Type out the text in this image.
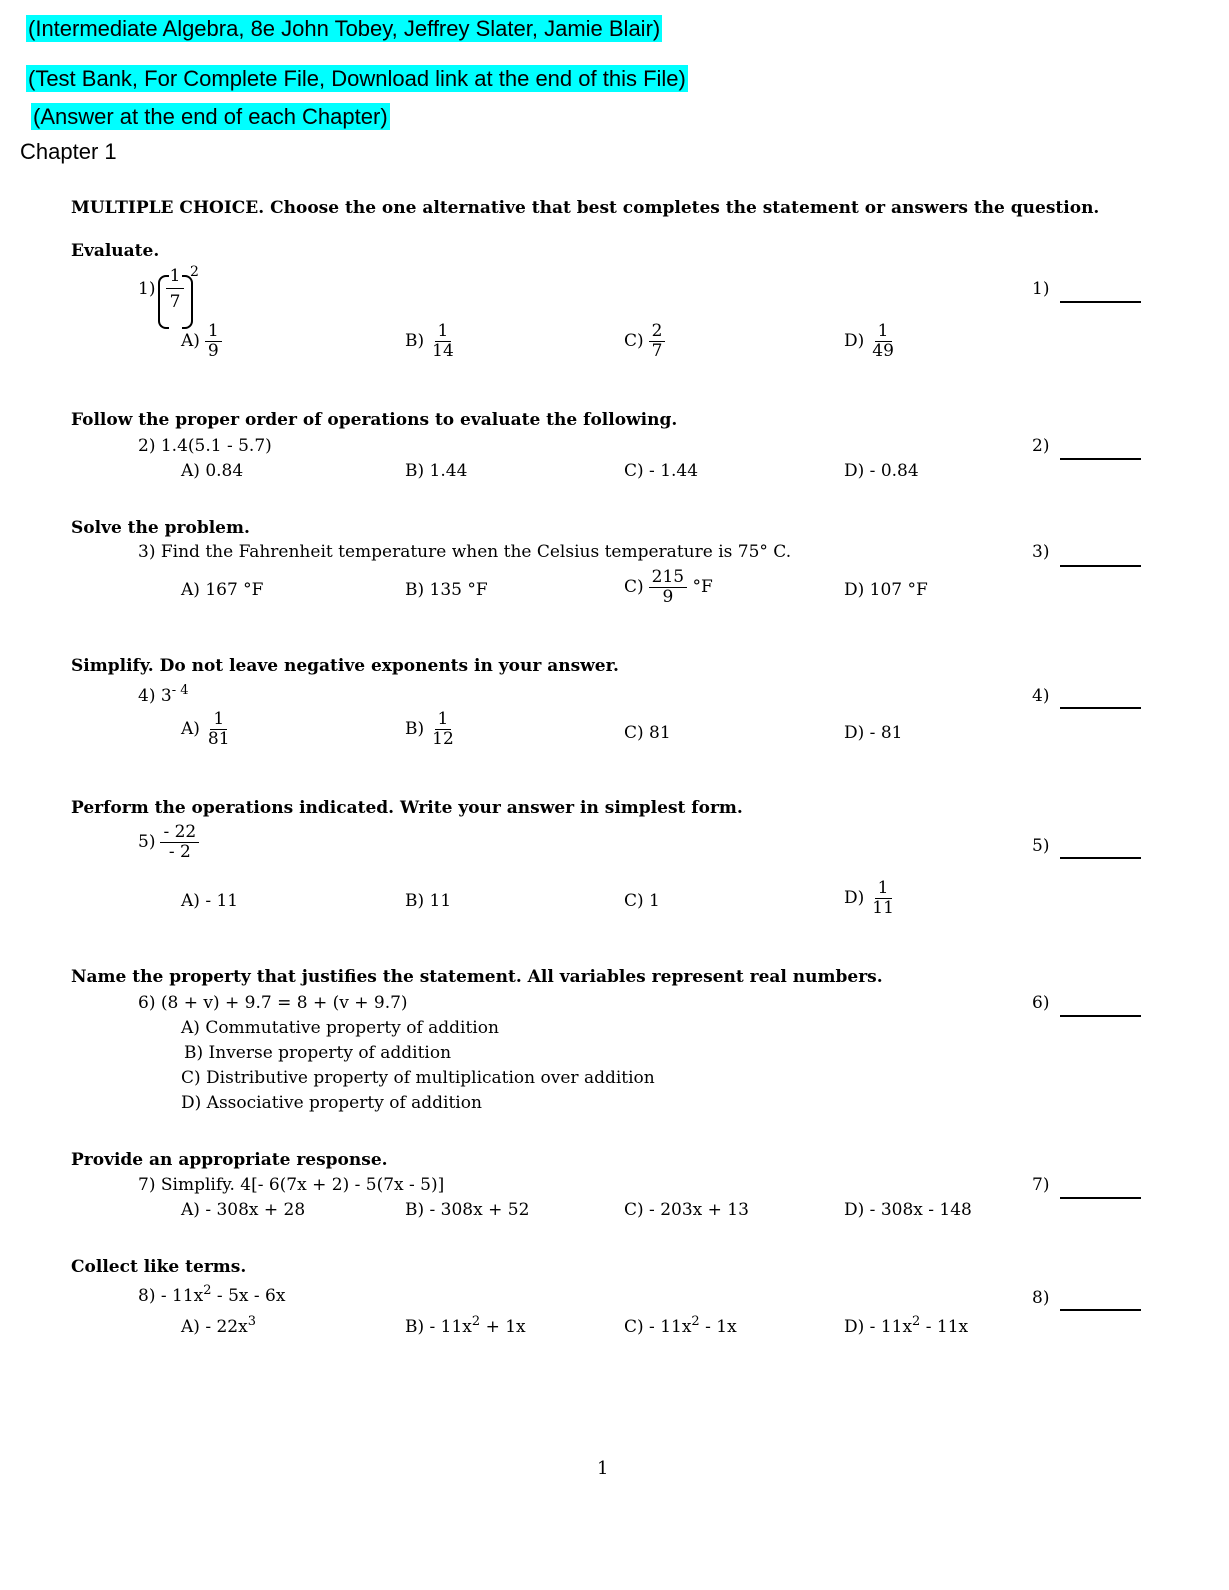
(Intermediate Algebra, 8e John Tobey, Jeffrey Slater, Jamie Blair)
(Test Bank, For Complete File, Download link at the end of this File)
(Answer at the end of each Chapter)
Chapter 1
MULTIPLE CHOICE. Choose the one alternative that best completes the statement or answers the question.
Evaluate.
1)
1
7
2
1)
$A) \frac{1}{9}$	$B) \frac{1}{14}$	$C) \frac{2}{7}$	$D) \frac{1}{49}$
Follow the proper order of operations to evaluate the following.
2) 1.4(5.1 - 5.7)	2)
A) 0.84	B) 1.44	C) - 1.44	D) - 0.84
Solve the problem.
3) Find the Fahrenheit temperature when the Celsius temperature is 75° C.	3)
A) 167 °F	B) 135 °F	$C) \frac{215}{9} ^\circ F$	D) 107 °F
Simplify. Do not leave negative exponents in your answer.
4) $3^{- 4}$	4)
$A) \frac{1}{81}$	$B) \frac{1}{12}$	C) 81	D) - 81
Perform the operations indicated. Write your answer in simplest form.
$5) \frac{- 22}{- 2}$	5)
A) - 11	B) 11	C) 1	$D) \frac{1}{11}$
Name the property that justifies the statement. All variables represent real numbers.
6) (8 + v) + 9.7 = 8 + (v + 9.7)	6)
A) Commutative property of addition
B) Inverse property of addition
C) Distributive property of multiplication over addition
D) Associative property of addition
Provide an appropriate response.
7) Simplify. 4[- 6(7x + 2) - 5(7x - 5)]	7)
A) - 308x + 28	B) - 308x + 52	C) - 203x + 13	D) - 308x - 148
Collect like terms.
$8) - 11x^2 - 5x - 6x$	8)
$A) - 22x^3$	$B) - 11x^2 + 1x$	$C) - 11x^2 - 1x$	$D) - 11x^2 - 11x$
1
